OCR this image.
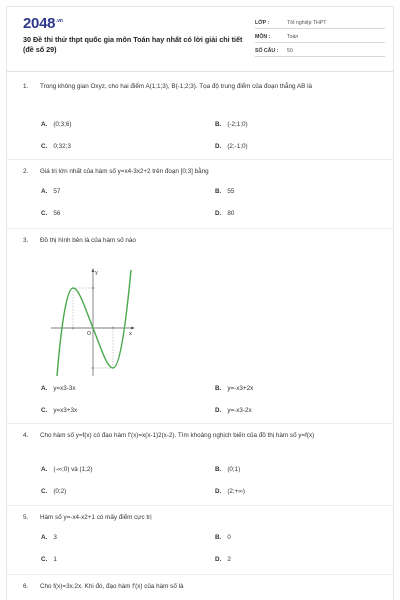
$2048^{.vn}$
30 Đề thi thử thpt quốc gia môn Toán hay nhất có lời giải chi tiết (đề số 29)
LỚP :	Tốt nghiệp THPT
MÔN :	Toán
SỐ CÂU :	50
1.	Trong không gian Oxyz, cho hai điểm A(1;1;3), B(-1;2;3). Tọa độ trung điểm của đoạn thẳng AB là
A. (0;3;6)	B. (-2;1;0)
C. 0;32;3	D. (2;-1;0)
2.	Giá trị lớn nhất của hàm số y=x4-3x2+2 trên đoạn [0;3] bằng
A. 57	B. 55
C. 56	D. 80
3.	Đồ thị hình bên là của hàm số nào
y
x
O
A. y=x3-3x	B. y=-x3+2x
C. y=x3+3x	D. y=-x3-2x
4.	Cho hàm số y=f(x) có đạo hàm f'(x)=x(x-1)2(x-2). Tìm khoảng nghịch biến của đồ thị hàm số y=f(x)
A. (-∞;0) và (1;2)	B. (0;1)
C. (0;2)	D. (2;+∞)
5.	Hàm số y=-x4-x2+1 có mấy điểm cực trị
A. 3	B. 0
C. 1	D. 2
6.	Cho f(x)=3x.2x. Khi đó, đạo hàm f'(x) của hàm số là
